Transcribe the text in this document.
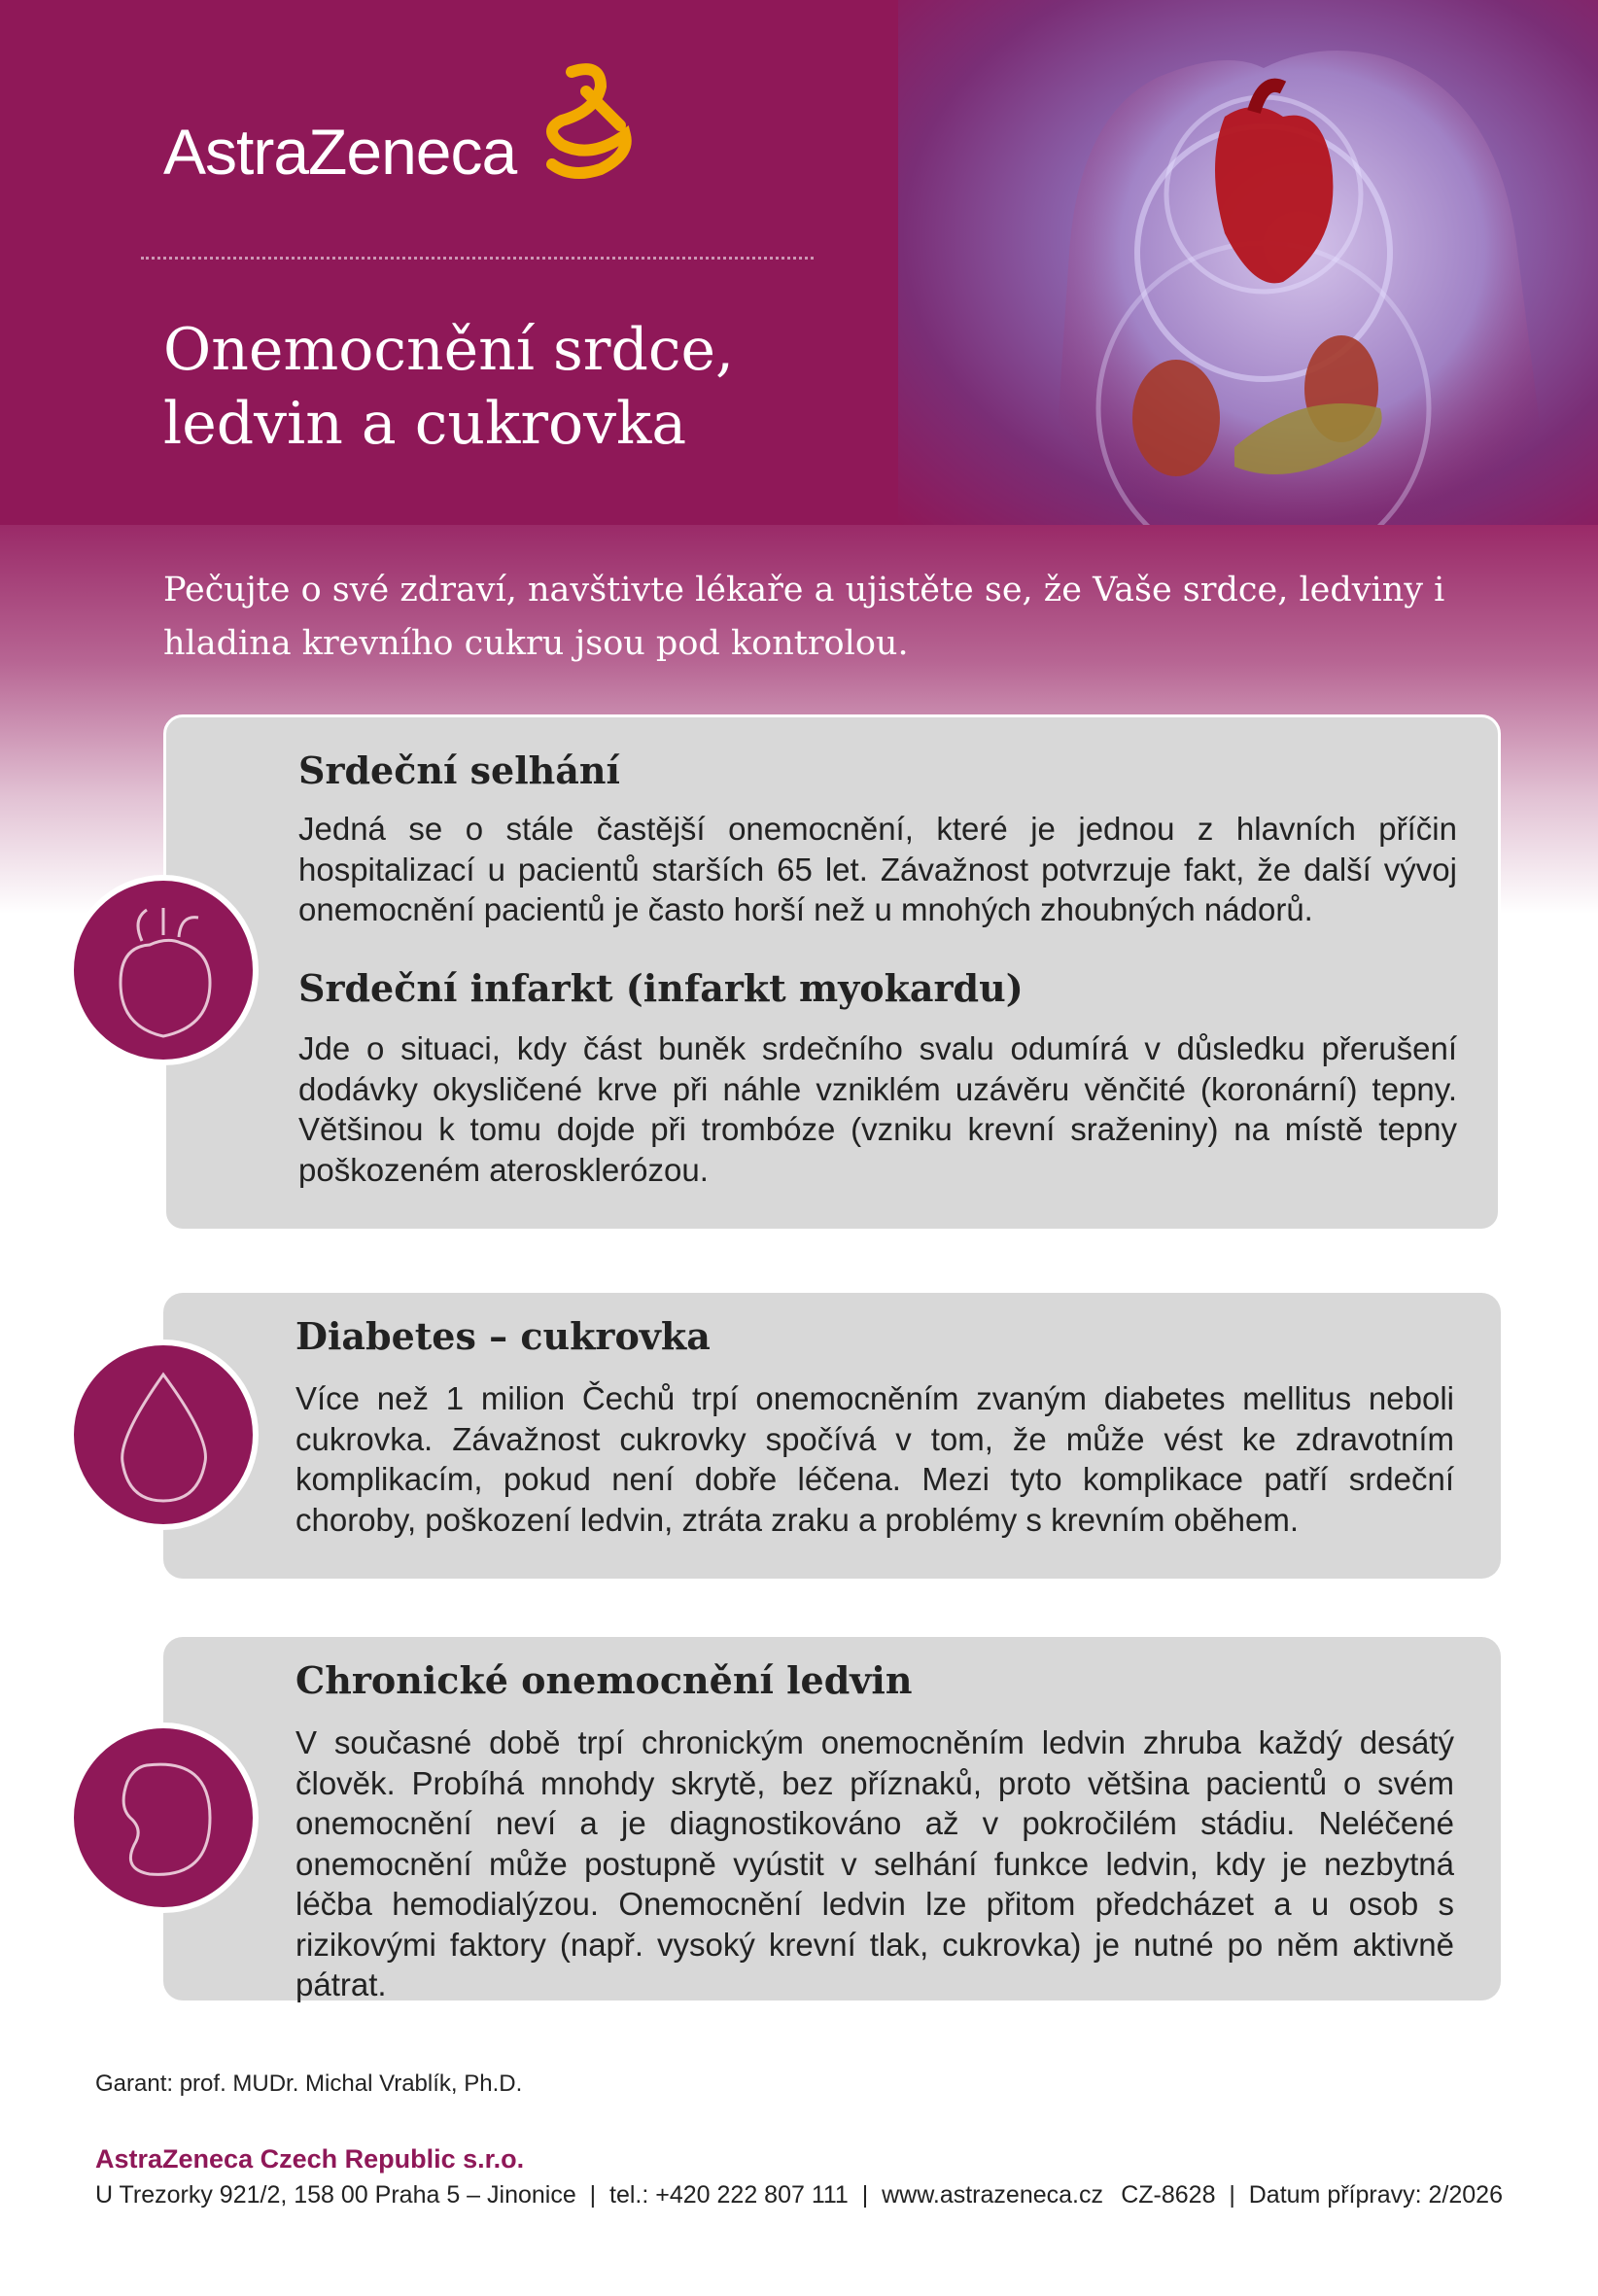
AstraZeneca
Onemocnění srdce,
ledvin a cukrovka

Pečujte o své zdraví, navštivte lékaře a ujistěte se, že Vaše srdce, ledviny i hladina krevního cukru jsou pod kontrolou.

Srdeční selhání

Jedná se o stále častější onemocnění, které je jednou z hlavních příčin hospitalizací u pacientů starších 65 let. Závažnost potvrzuje fakt, že další vývoj onemocnění pacientů je často horší než u mnohých zhoubných nádorů.

Srdeční infarkt (infarkt myokardu)

Jde o situaci, kdy část buněk srdečního svalu odumírá v důsledku přerušení dodávky okysličené krve při náhle vzniklém uzávěru věnčité (koronární) tepny. Většinou k tomu dojde při trombóze (vzniku krevní sraženiny) na místě tepny poškozeném aterosklerózou.

Diabetes – cukrovka

Více než 1 milion Čechů trpí onemocněním zvaným diabetes mellitus neboli cukrovka. Závažnost cukrovky spočívá v tom, že může vést ke zdravotním komplikacím, pokud není dobře léčena. Mezi tyto komplikace patří srdeční choroby, poškození ledvin, ztráta zraku a problémy s krevním oběhem.

Chronické onemocnění ledvin

V současné době trpí chronickým onemocněním ledvin zhruba každý desátý člověk. Probíhá mnohdy skrytě, bez příznaků, proto většina pacientů o svém onemocnění neví a je diagnostikováno až v pokročilém stádiu. Neléčené onemocnění může postupně vyústit v selhání funkce ledvin, kdy je nezbytná léčba hemodialýzou. Onemocnění ledvin lze přitom předcházet a u osob s rizikovými faktory (např. vysoký krevní tlak, cukrovka) je nutné po něm aktivně pátrat.

Garant: prof. MUDr. Michal Vrablík, Ph.D.
AstraZeneca Czech Republic s.r.o.
U Trezorky 921/2, 158 00 Praha 5 – Jinonice  |  tel.: +420 222 807 111  |  www.astrazeneca.cz CZ-8628  |  Datum přípravy: 2/2026
